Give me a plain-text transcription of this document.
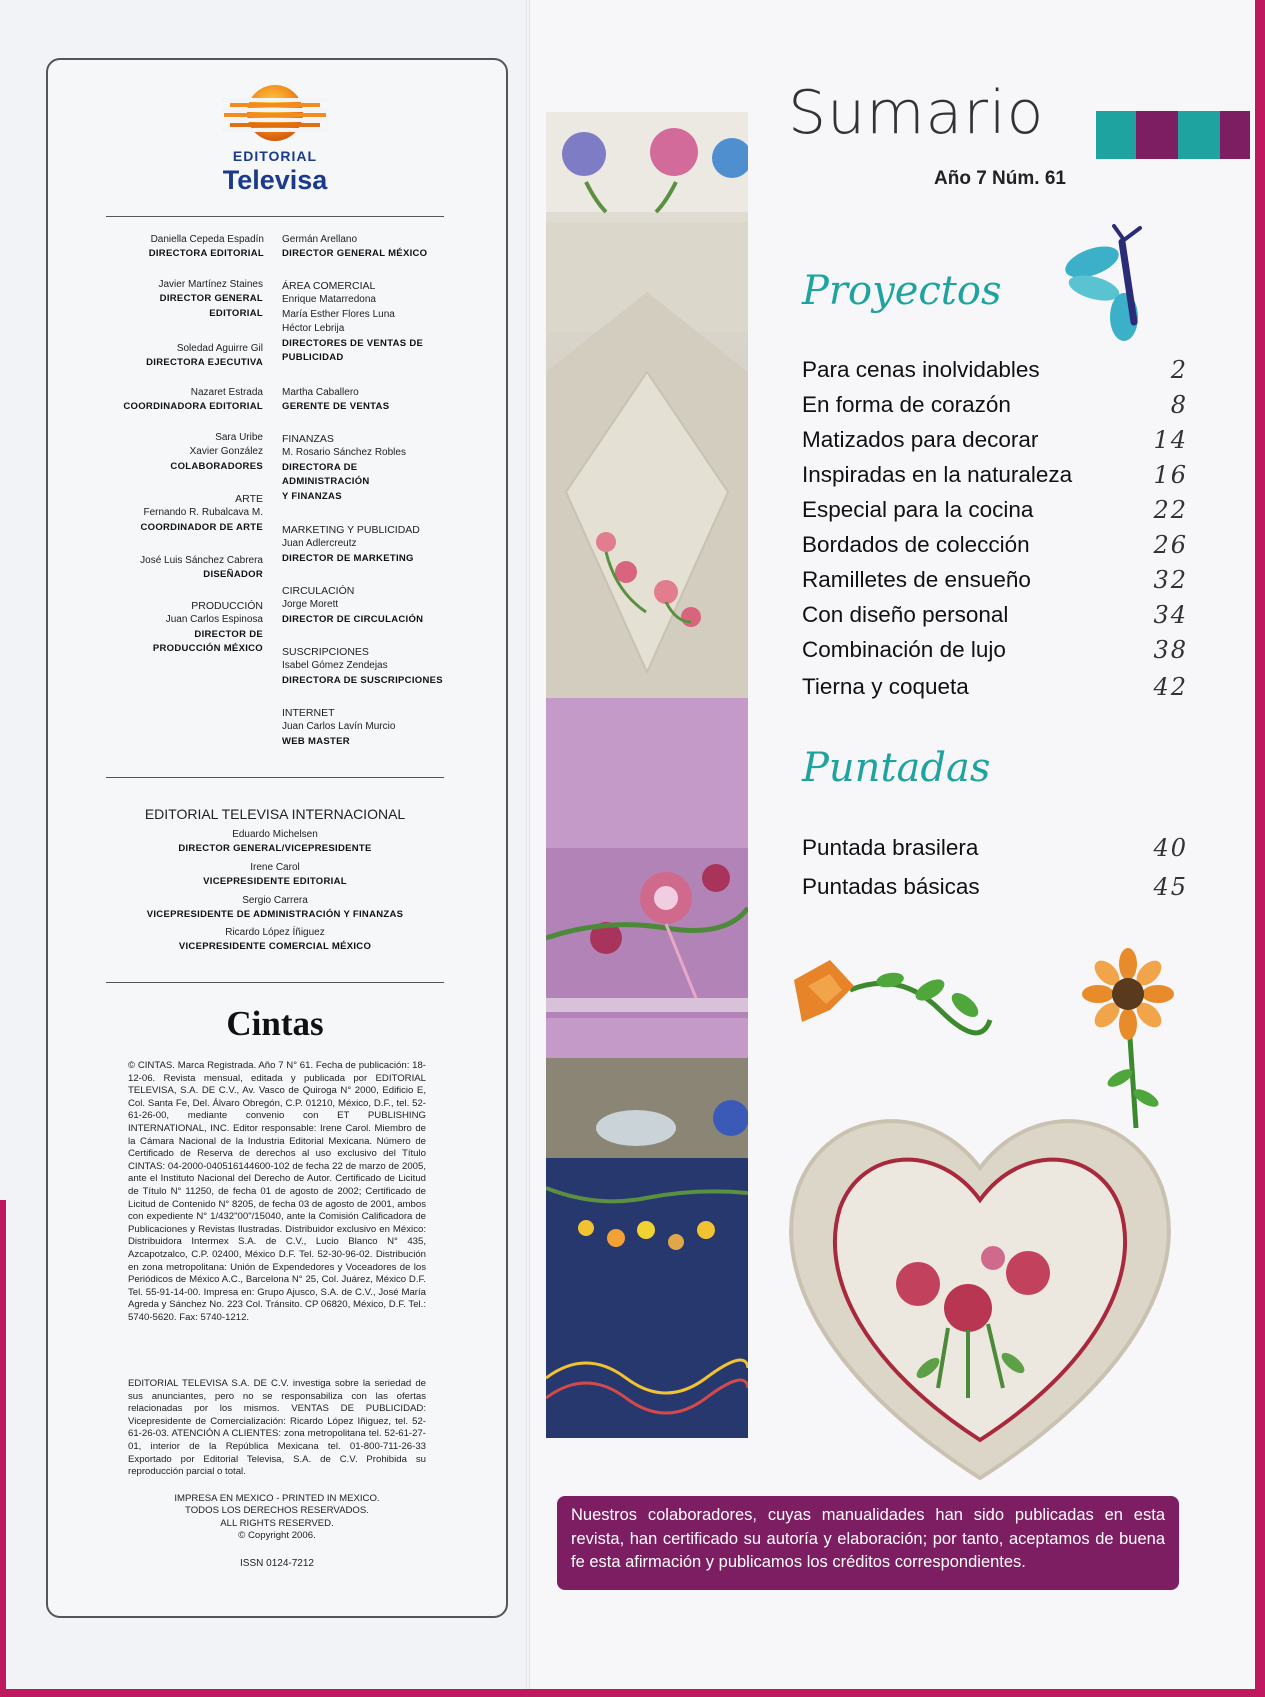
EDITORIAL
Televisa
Daniella Cepeda Espadín
DIRECTORA EDITORIAL
Javier Martínez Staines
DIRECTOR GENERAL
EDITORIAL
Soledad Aguirre Gil
DIRECTORA EJECUTIVA
Nazaret Estrada
COORDINADORA EDITORIAL
Sara Uribe
Xavier González
COLABORADORES
ARTE
Fernando R. Rubalcava M.
COORDINADOR DE ARTE
José Luis Sánchez Cabrera
DISEÑADOR
PRODUCCIÓN
Juan Carlos Espinosa
DIRECTOR DE
PRODUCCIÓN MÉXICO
Germán Arellano
DIRECTOR GENERAL MÉXICO
ÁREA COMERCIAL
Enrique Matarredona
María Esther Flores Luna
Héctor Lebrija
DIRECTORES DE VENTAS DE
PUBLICIDAD
Martha Caballero
GERENTE DE VENTAS
FINANZAS
M. Rosario Sánchez Robles
DIRECTORA DE
ADMINISTRACIÓN
Y FINANZAS
MARKETING Y PUBLICIDAD
Juan Adlercreutz
DIRECTOR DE MARKETING
CIRCULACIÓN
Jorge Morett
DIRECTOR DE CIRCULACIÓN
SUSCRIPCIONES
Isabel Gómez Zendejas
DIRECTORA DE SUSCRIPCIONES
INTERNET
Juan Carlos Lavín Murcio
WEB MASTER
EDITORIAL TELEVISA INTERNACIONAL
Eduardo Michelsen
DIRECTOR GENERAL/VICEPRESIDENTE
Irene Carol
VICEPRESIDENTE EDITORIAL
Sergio Carrera
VICEPRESIDENTE DE ADMINISTRACIÓN Y FINANZAS
Ricardo López Íñiguez
VICEPRESIDENTE COMERCIAL MÉXICO
Cintas
© CINTAS. Marca Registrada. Año 7 N° 61. Fecha de publicación: 18-12-06. Revista mensual, editada y publicada por EDITORIAL TELEVISA, S.A. DE C.V., Av. Vasco de Quiroga N° 2000, Edificio E, Col. Santa Fe, Del. Álvaro Obregón, C.P. 01210, México, D.F., tel. 52-61-26-00, mediante convenio con ET PUBLISHING INTERNATIONAL, INC. Editor responsable: Irene Carol. Miembro de la Cámara Nacional de la Industria Editorial Mexicana. Número de Certificado de Reserva de derechos al uso exclusivo del Título CINTAS: 04-2000-040516144600-102 de fecha 22 de marzo de 2005, ante el Instituto Nacional del Derecho de Autor. Certificado de Licitud de Título N° 11250, de fecha 01 de agosto de 2002; Certificado de Licitud de Contenido N° 8205, de fecha 03 de agosto de 2001, ambos con expediente N° 1/432"00"/15040, ante la Comisión Calificadora de Publicaciones y Revistas Ilustradas. Distribuidor exclusivo en México: Distribuidora Intermex S.A. de C.V., Lucio Blanco N° 435, Azcapotzalco, C.P. 02400, México D.F. Tel. 52-30-96-02. Distribución en zona metropolitana: Unión de Expendedores y Voceadores de los Periódicos de México A.C., Barcelona N° 25, Col. Juárez, México D.F. Tel. 55-91-14-00. Impresa en: Grupo Ajusco, S.A. de C.V., José María Agreda y Sánchez No. 223 Col. Tránsito. CP 06820, México, D.F. Tel.: 5740-5620. Fax: 5740-1212.
EDITORIAL TELEVISA S.A. DE C.V. investiga sobre la seriedad de sus anunciantes, pero no se responsabiliza con las ofertas relacionadas por los mismos. VENTAS DE PUBLICIDAD: Vicepresidente de Comercialización: Ricardo López Iñiguez, tel. 52-61-26-03. ATENCIÓN A CLIENTES: zona metropolitana tel. 52-61-27-01, interior de la República Mexicana tel. 01-800-711-26-33 Exportado por Editorial Televisa, S.A. de C.V. Prohibida su reproducción parcial o total.
IMPRESA EN MEXICO - PRINTED IN MEXICO.
TODOS LOS DERECHOS RESERVADOS.
ALL RIGHTS RESERVED.
© Copyright 2006.
ISSN 0124-7212
Sumario
Año 7 Núm. 61
Proyectos
Para cenas inolvidables	2
En forma de corazón	8
Matizados para decorar	14
Inspiradas en la naturaleza	16
Especial para la cocina	22
Bordados de colección	26
Ramilletes de ensueño	32
Con diseño personal	34
Combinación de lujo	38
Tierna y coqueta	42
Puntadas
Puntada brasilera	40
Puntadas básicas	45
Nuestros colaboradores, cuyas manualidades han sido publicadas en esta revista, han certificado su autoría y elaboración; por tanto, aceptamos de buena fe esta afirmación y publicamos los créditos correspondientes.
